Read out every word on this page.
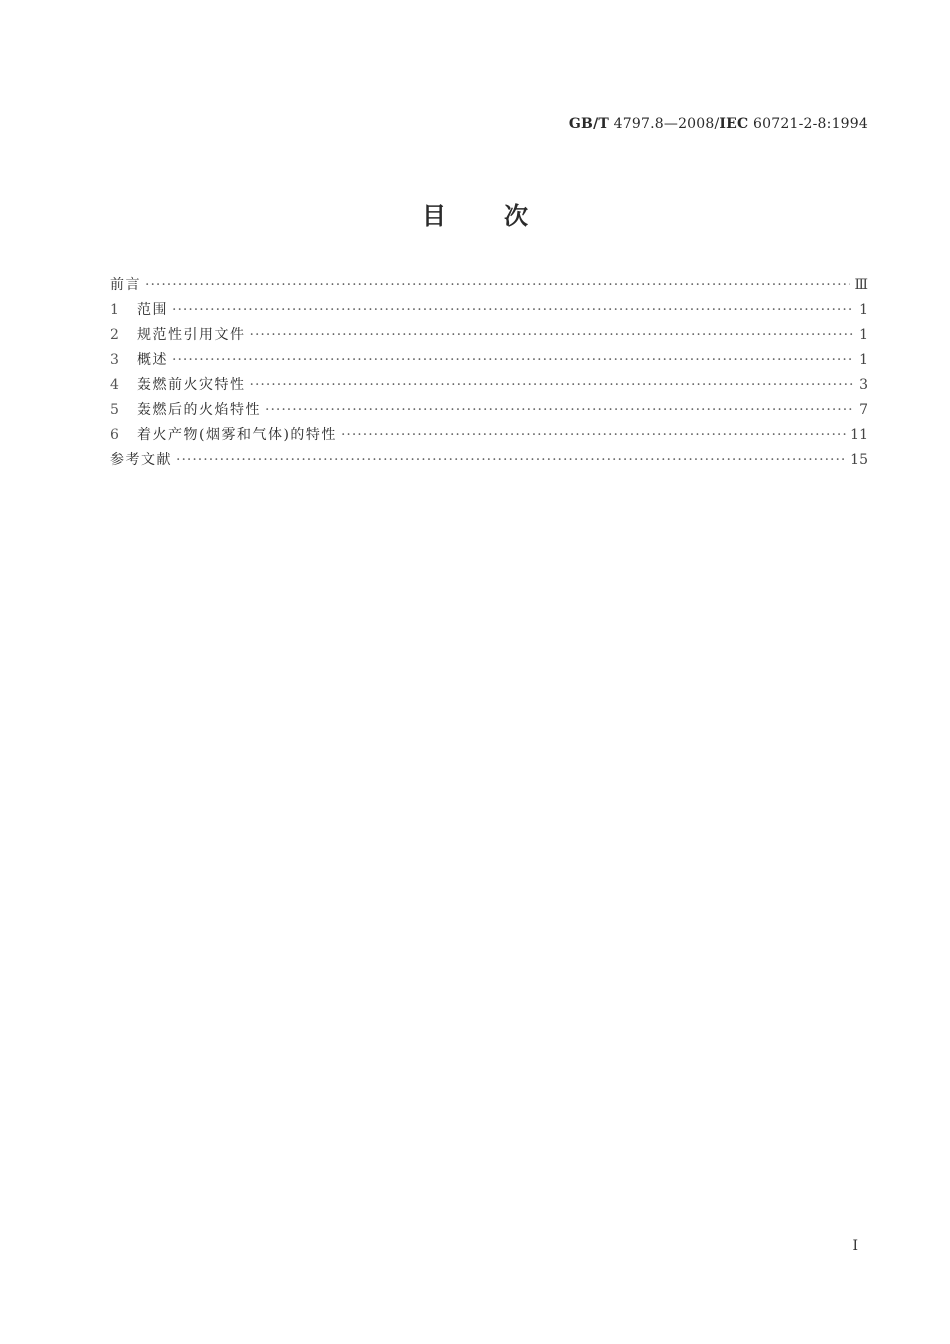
GB/T 4797.8—2008/IEC 60721-2-8:1994
目次
前言 ·····	Ⅲ
1	范围 ·····	1
2	规范性引用文件 ·····	1
3	概述 ·····	1
4	轰燃前火灾特性 ·····	3
5	轰燃后的火焰特性 ·····	7
6	着火产物(烟雾和气体)的特性 ·····	11
参考文献 ·····	15
I
